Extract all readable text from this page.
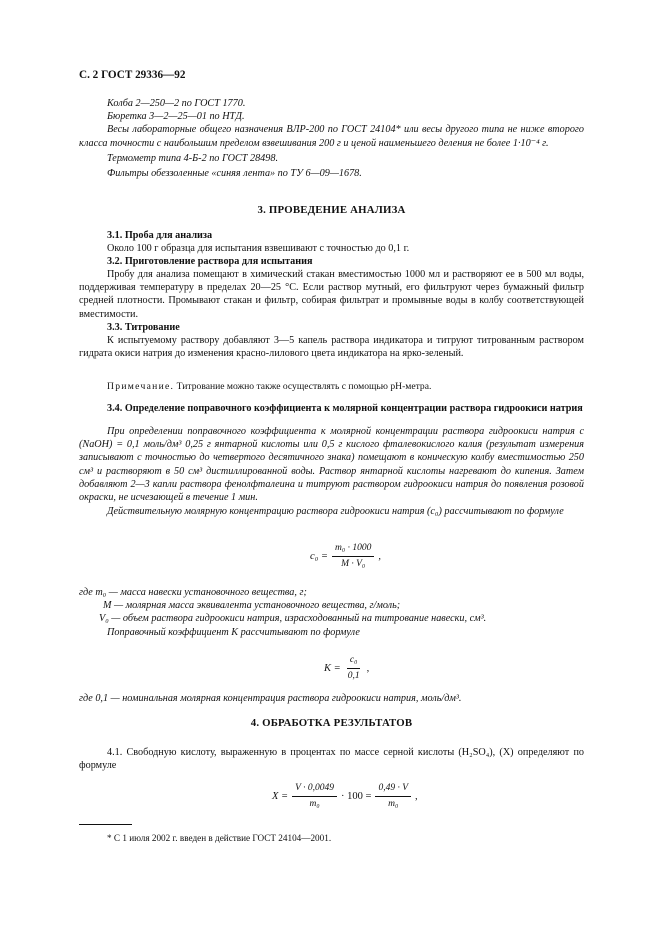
С. 2 ГОСТ 29336—92

Колба 2—250—2 по ГОСТ 1770.

Бюретка 3—2—25—01 по НТД.

Весы лабораторные общего назначения ВЛР-200 по ГОСТ 24104* или весы другого типа не ниже второго класса точности с наибольшим пределом взвешивания 200 г и ценой наименьшего деления не более 1·10⁻⁴ г.

Термометр типа 4-Б-2 по ГОСТ 28498.

Фильтры обеззоленные «синяя лента» по ТУ 6—09—1678.

3. ПРОВЕДЕНИЕ АНАЛИЗА
3.1. Проба для анализа
Около 100 г образца для испытания взвешивают с точностью до 0,1 г.
3.2. Приготовление раствора для испытания
Пробу для анализа помещают в химический стакан вместимостью 1000 мл и растворяют ее в 500 мл воды, поддерживая температуру в пределах 20—25 °С. Если раствор мутный, его фильтруют через бумажный фильтр средней плотности. Промывают стакан и фильтр, собирая фильтрат и промывные воды в колбу соответствующей вместимости.
3.3. Титрование
К испытуемому раствору добавляют 3—5 капель раствора индикатора и титруют титрованным раствором гидрата окиси натрия до изменения красно-лилового цвета индикатора на ярко-зеленый.
Примечание. Титрование можно также осуществлять с помощью рН-метра.
3.4. Определение поправочного коэффициента к молярной концентрации раствора гидроокиси натрия
При определении поправочного коэффициента к молярной концентрации раствора гидроокиси натрия с (NaOH) = 0,1 моль/дм³ 0,25 г янтарной кислоты или 0,5 г кислого фталевокислого калия (результат измерения записывают с точностью до четвертого десятичного знака) помещают в коническую колбу вместимостью 250 см³ и растворяют в 50 см³ дистиллированной воды. Раствор янтарной кислоты нагревают до кипения. Затем добавляют 2—3 капли раствора фенолфталеина и титруют раствором гидроокиси натрия до появления розовой окраски, не исчезающей в течение 1 мин.
Действительную молярную концентрацию раствора гидроокиси натрия (c₀) рассчитывают по формуле
$c_0 = \frac{\text{m₀ · 1000}}{\text{M · V₀}}$ ,

где m₀ — масса навески установочного вещества, г;

M — молярная масса эквивалента установочного вещества, г/моль;

V₀ — объем раствора гидроокиси натрия, израсходованный на титрование навески, см³.

Поправочный коэффициент K рассчитывают по формуле
$K = \frac{\text{c₀}}{0,1}$ ,
где 0,1 — номинальная молярная концентрация раствора гидроокиси натрия, моль/дм³.
4. ОБРАБОТКА РЕЗУЛЬТАТОВ
4.1. Свободную кислоту, выраженную в процентах по массе серной кислоты (H₂SO₄), (X) определяют по формуле
$X = \frac{V \cdot 0,0049}{\text{m₀}} \cdot 100 = \frac{0,49 \cdot V}{\text{m₀}}$ ,
* С 1 июля 2002 г. введен в действие ГОСТ 24104—2001.
